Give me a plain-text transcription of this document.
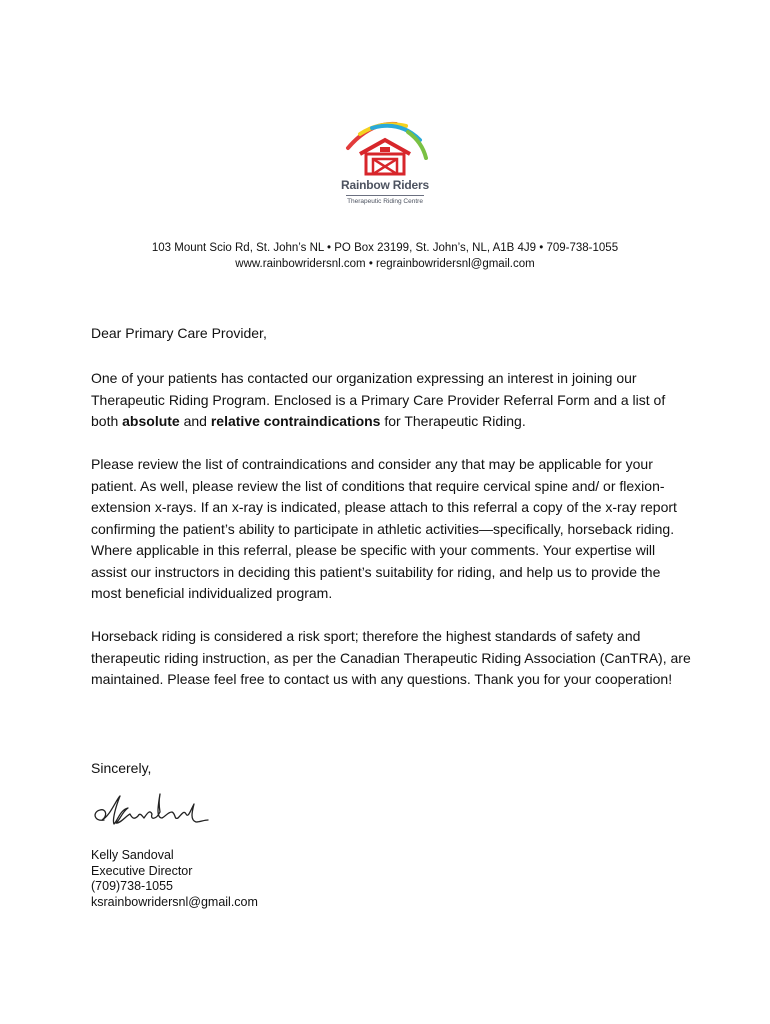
Rainbow Riders
Therapeutic Riding Centre
103 Mount Scio Rd, St. John’s NL • PO Box 23199, St. John’s, NL, A1B 4J9 • 709-738-1055
www.rainbowridersnl.com • regrainbowridersnl@gmail.com
Dear Primary Care Provider,

One of your patients has contacted our organization expressing an interest in joining our Therapeutic Riding Program. Enclosed is a Primary Care Provider Referral Form and a list of both absolute and relative contraindications for Therapeutic Riding.

Please review the list of contraindications and consider any that may be applicable for your patient. As well, please review the list of conditions that require cervical spine and/ or flexion-extension x-rays. If an x-ray is indicated, please attach to this referral a copy of the x-ray report confirming the patient’s ability to participate in athletic activities—specifically, horseback riding. Where applicable in this referral, please be specific with your comments. Your expertise will assist our instructors in deciding this patient’s suitability for riding, and help us to provide the most beneficial individualized program.

Horseback riding is considered a risk sport; therefore the highest standards of safety and therapeutic riding instruction, as per the Canadian Therapeutic Riding Association (CanTRA), are maintained. Please feel free to contact us with any questions. Thank you for your cooperation!

Sincerely,
Kelly Sandoval
Executive Director
(709)738-1055
ksrainbowridersnl@gmail.com
